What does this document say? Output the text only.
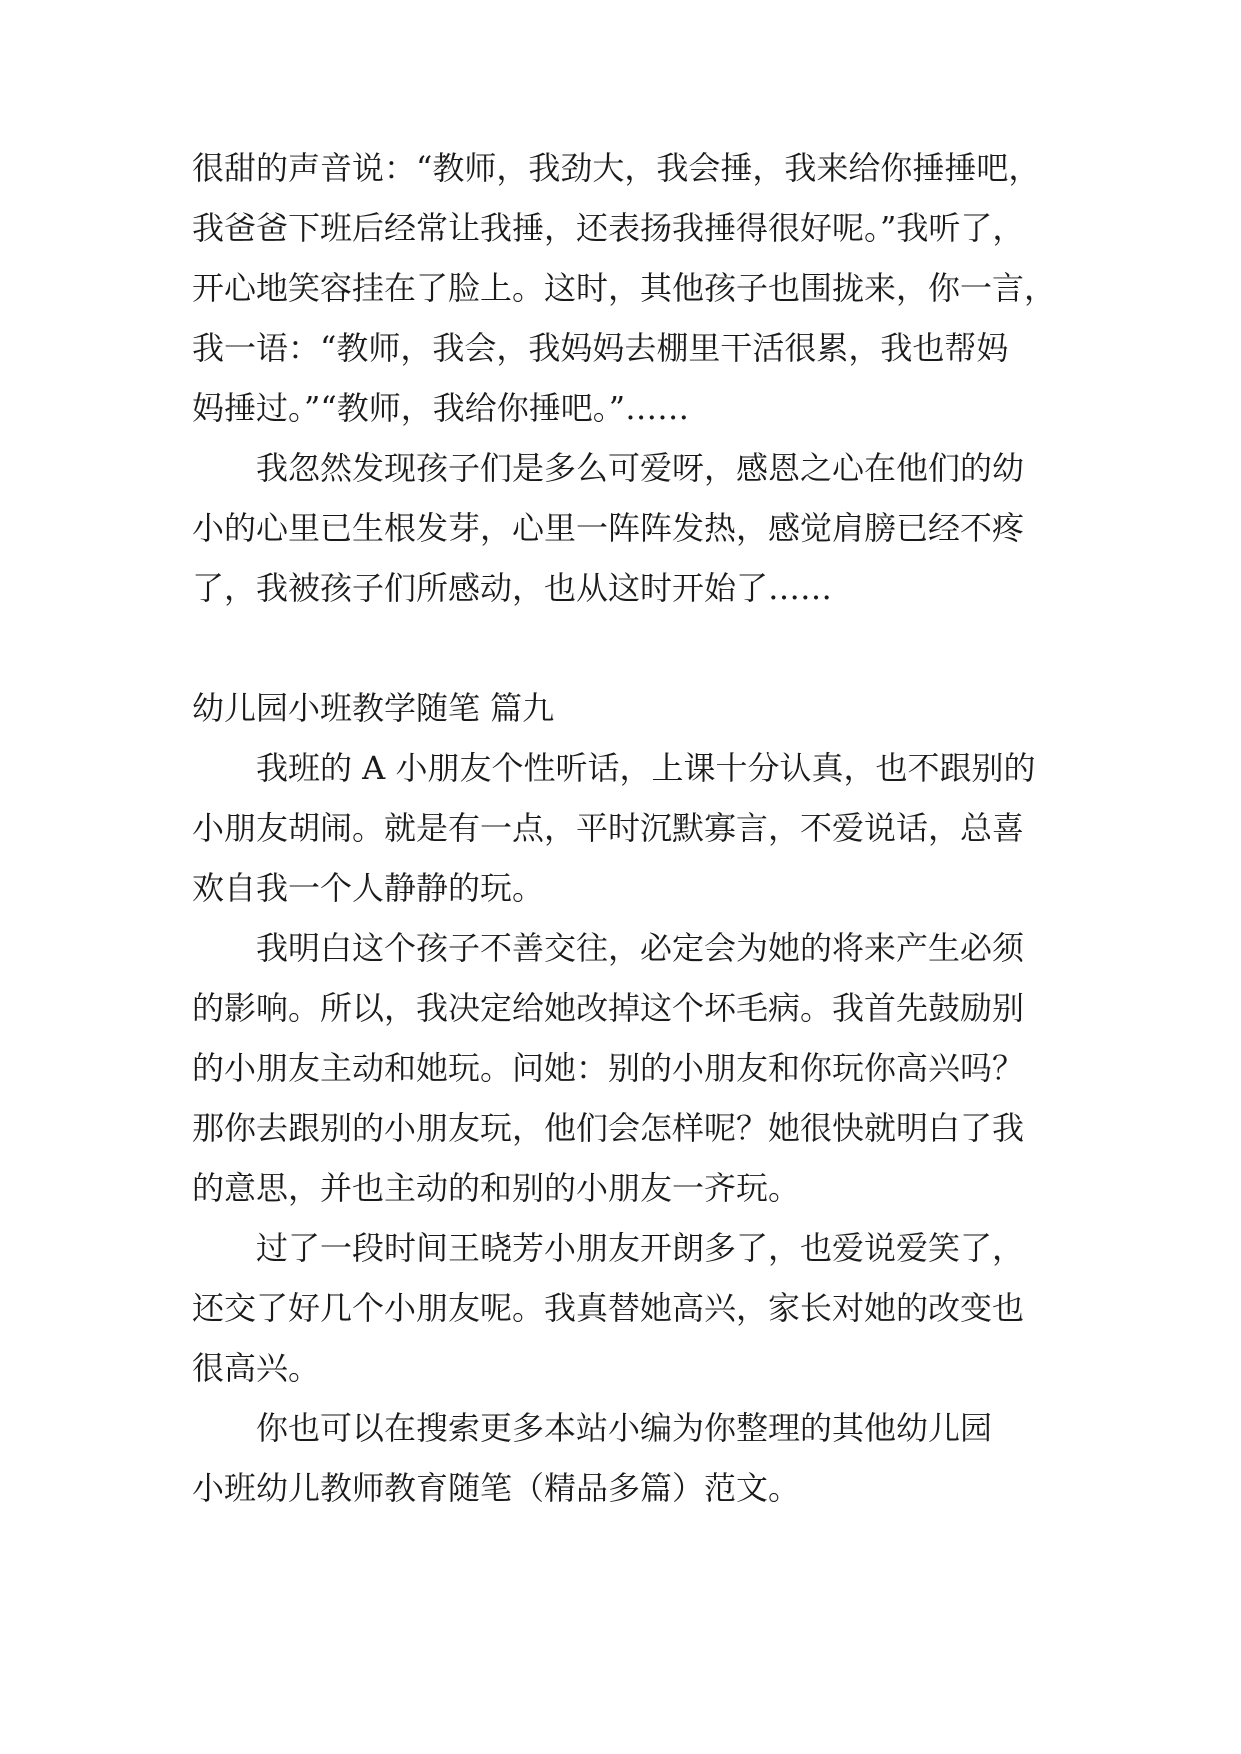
很甜的声音说：“教师，我劲大，我会捶，我来给你捶捶吧，
我爸爸下班后经常让我捶，还表扬我捶得很好呢。”我听了，
开心地笑容挂在了脸上。这时，其他孩子也围拢来，你一言，
我一语：“教师，我会，我妈妈去棚里干活很累，我也帮妈
妈捶过。”“教师，我给你捶吧。”……
我忽然发现孩子们是多么可爱呀，感恩之心在他们的幼
小的心里已生根发芽，心里一阵阵发热，感觉肩膀已经不疼
了，我被孩子们所感动，也从这时开始了……
幼儿园小班教学随笔 篇九
我班的 A 小朋友个性听话，上课十分认真，也不跟别的
小朋友胡闹。就是有一点，平时沉默寡言，不爱说话，总喜
欢自我一个人静静的玩。
我明白这个孩子不善交往，必定会为她的将来产生必须
的影响。所以，我决定给她改掉这个坏毛病。我首先鼓励别
的小朋友主动和她玩。问她：别的小朋友和你玩你高兴吗？
那你去跟别的小朋友玩，他们会怎样呢？她很快就明白了我
的意思，并也主动的和别的小朋友一齐玩。
过了一段时间王晓芳小朋友开朗多了，也爱说爱笑了，
还交了好几个小朋友呢。我真替她高兴，家长对她的改变也
很高兴。
你也可以在搜索更多本站小编为你整理的其他幼儿园
小班幼儿教师教育随笔（精品多篇）范文。
